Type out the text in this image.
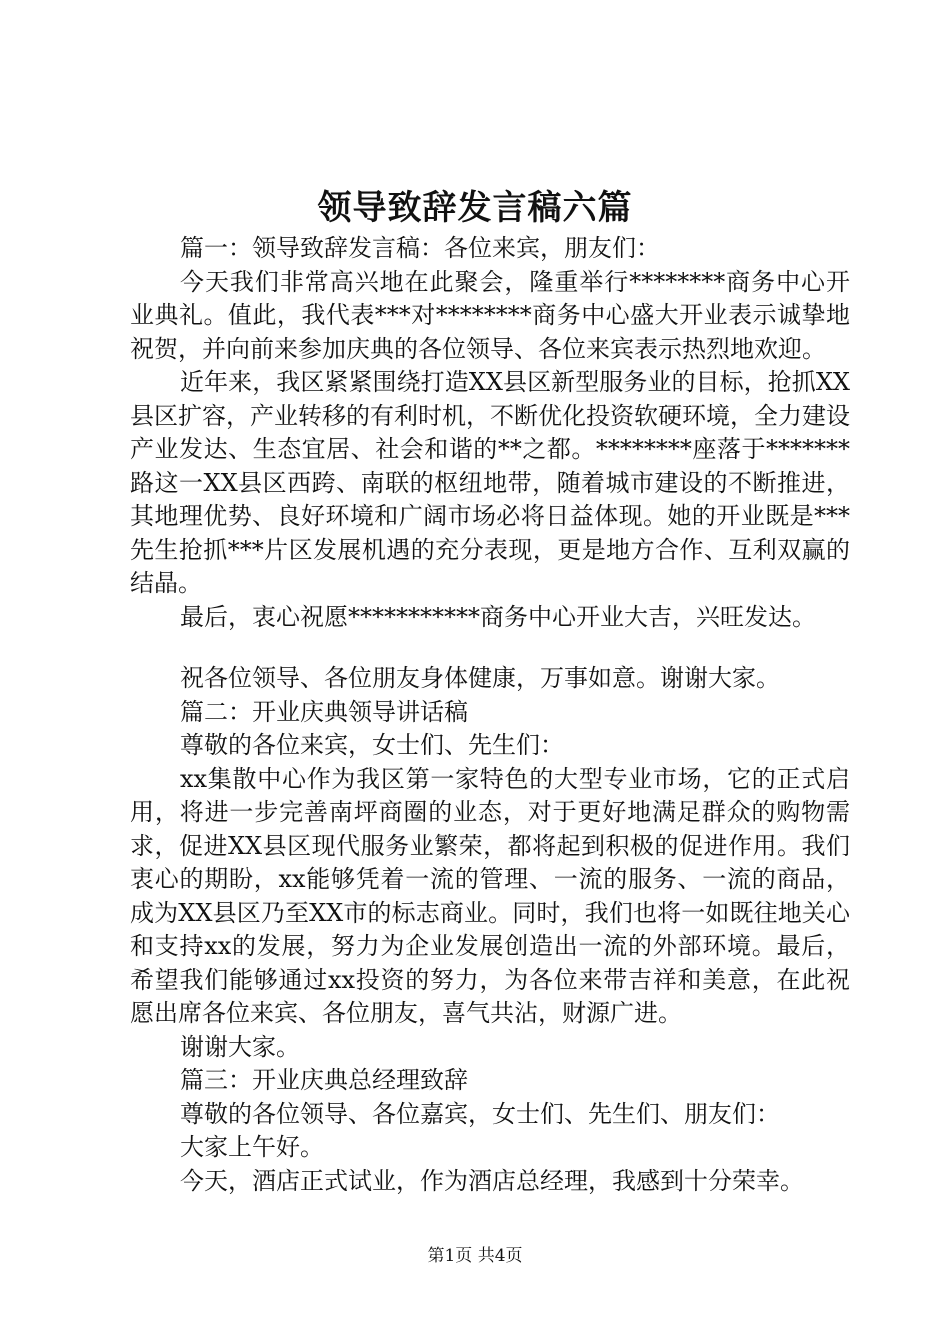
领导致辞发言稿六篇

篇一：领导致辞发言稿：各位来宾，朋友们：

今天我们非常高兴地在此聚会，隆重举行********商务中心开业典礼。值此，我代表***对********商务中心盛大开业表示诚挚地祝贺，并向前来参加庆典的各位领导、各位来宾表示热烈地欢迎。

近年来，我区紧紧围绕打造XX县区新型服务业的目标，抢抓XX县区扩容，产业转移的有利时机，不断优化投资软硬环境，全力建设产业发达、生态宜居、社会和谐的**之都。********座落于*******路这一XX县区西跨、南联的枢纽地带，随着城市建设的不断推进，其地理优势、良好环境和广阔市场必将日益体现。她的开业既是***先生抢抓***片区发展机遇的充分表现，更是地方合作、互利双赢的结晶。

最后，衷心祝愿***********商务中心开业大吉，兴旺发达。

祝各位领导、各位朋友身体健康，万事如意。谢谢大家。

篇二：开业庆典领导讲话稿

尊敬的各位来宾，女士们、先生们：

xx集散中心作为我区第一家特色的大型专业市场，它的正式启用，将进一步完善南坪商圈的业态，对于更好地满足群众的购物需求，促进XX县区现代服务业繁荣，都将起到积极的促进作用。我们衷心的期盼，xx能够凭着一流的管理、一流的服务、一流的商品，成为XX县区乃至XX市的标志商业。同时，我们也将一如既往地关心和支持xx的发展，努力为企业发展创造出一流的外部环境。最后，希望我们能够通过xx投资的努力，为各位来带吉祥和美意，在此祝愿出席各位来宾、各位朋友，喜气共沾，财源广进。

谢谢大家。

篇三：开业庆典总经理致辞

尊敬的各位领导、各位嘉宾，女士们、先生们、朋友们：

大家上午好。

今天，酒店正式试业，作为酒店总经理，我感到十分荣幸。

第1页 共4页
